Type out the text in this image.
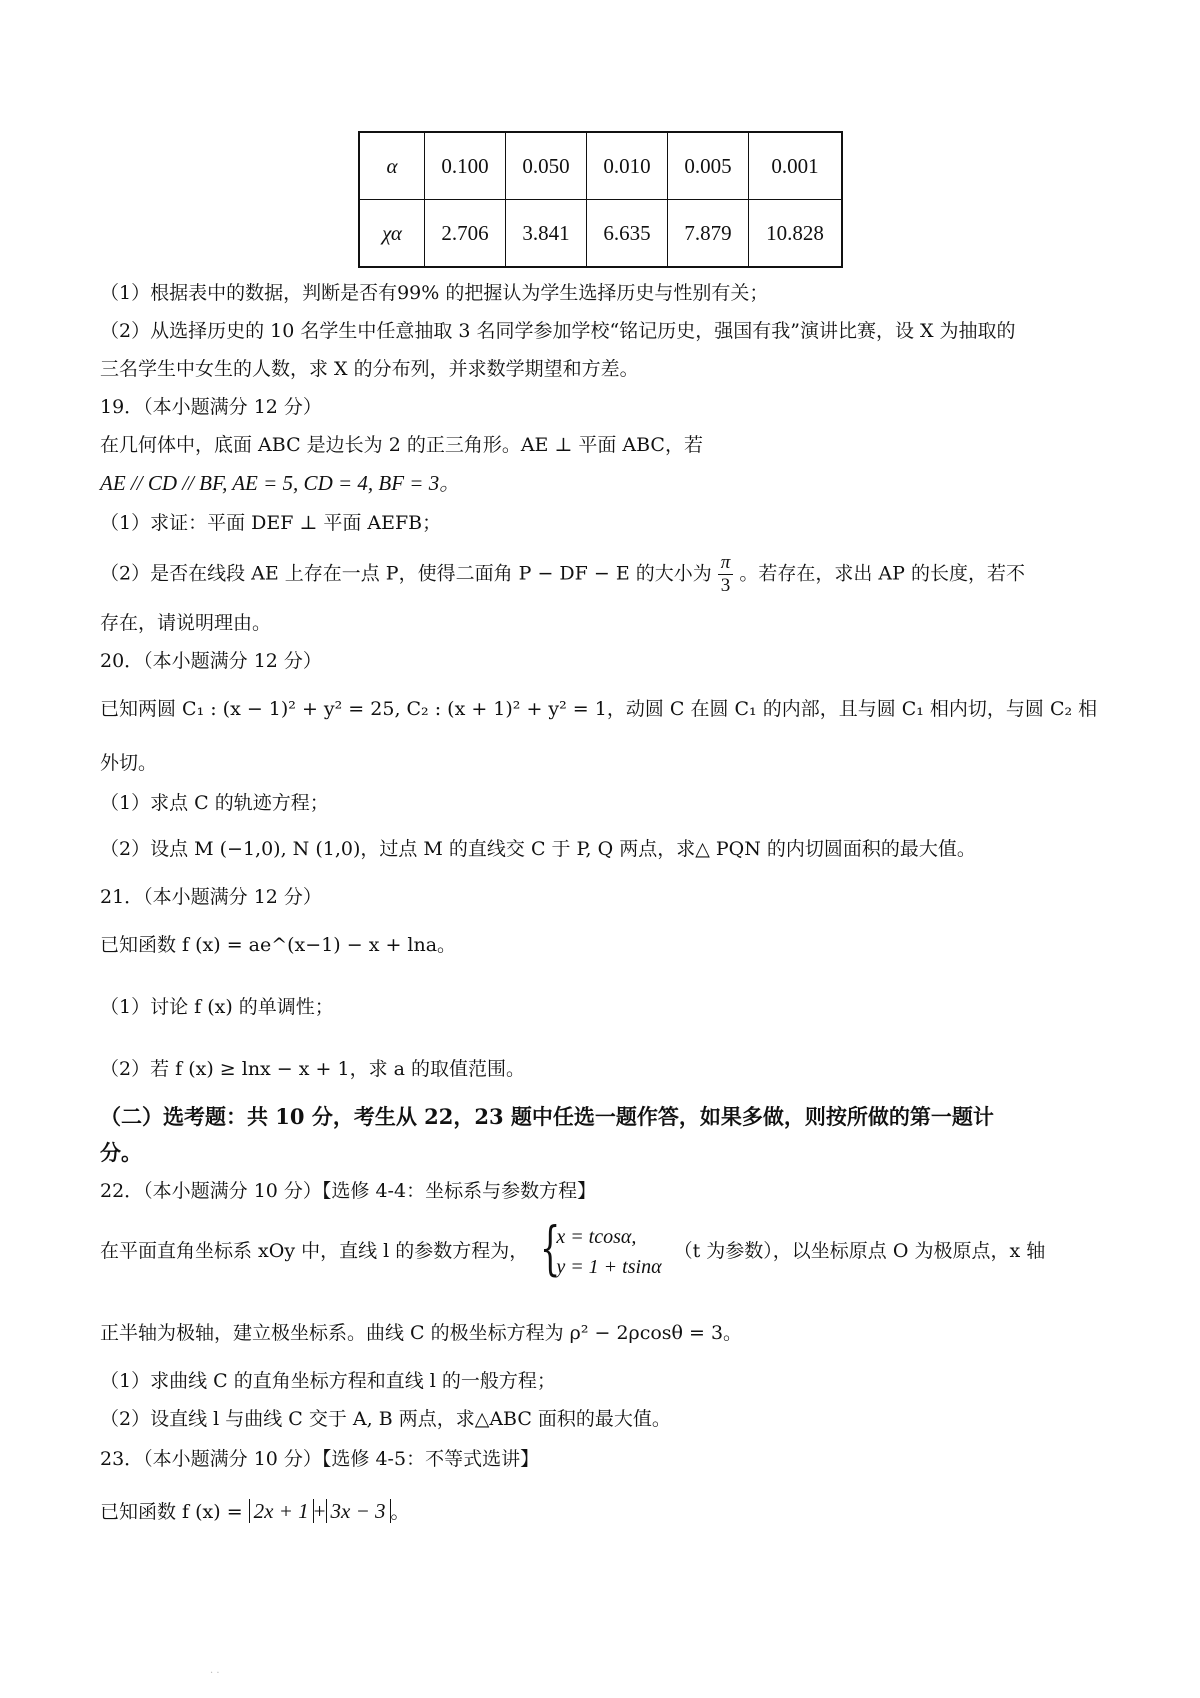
α	0.100	0.050	0.010	0.005	0.001
χα	2.706	3.841	6.635	7.879	10.828
（1）根据表中的数据，判断是否有99% 的把握认为学生选择历史与性别有关；
（2）从选择历史的 10 名学生中任意抽取 3 名同学参加学校“铭记历史，强国有我”演讲比赛，设 X 为抽取的
三名学生中女生的人数，求 X 的分布列，并求数学期望和方差。
19．（本小题满分 12 分）
在几何体中，底面 ABC 是边长为 2 的正三角形。AE ⊥ 平面 ABC，若
AE // CD // BF, AE = 5, CD = 4, BF = 3。
（1）求证：平面 DEF ⊥ 平面 AEFB；
（2）是否在线段 AE 上存在一点 P，使得二面角 P − DF − E 的大小为 $\frac{\pi}{3}$ 。若存在，求出 AP 的长度，若不
存在，请说明理由。
20．（本小题满分 12 分）
已知两圆 C₁ : (x − 1)² + y² = 25, C₂ : (x + 1)² + y² = 1，动圆 C 在圆 C₁ 的内部，且与圆 C₁ 相内切，与圆 C₂ 相
外切。
（1）求点 C 的轨迹方程；
（2）设点 M (−1,0), N (1,0)，过点 M 的直线交 C 于 P, Q 两点，求△ PQN 的内切圆面积的最大值。
21．（本小题满分 12 分）
已知函数 f (x) = ae^(x−1) − x + lna。
（1）讨论 f (x) 的单调性；
（2）若 f (x) ≥ lnx − x + 1，求 a 的取值范围。
（二）选考题：共 10 分，考生从 22，23 题中任选一题作答，如果多做，则按所做的第一题计
分。
22．（本小题满分 10 分）【选修 4-4：坐标系与参数方程】
在平面直角坐标系 xOy 中，直线 l 的参数方程为， {
x = tcosα,
y = 1 + tsinα
（t 为参数），以坐标原点 O 为极原点，x 轴
正半轴为极轴，建立极坐标系。曲线 C 的极坐标方程为 ρ² − 2ρcosθ = 3。
（1）求曲线 C 的直角坐标方程和直线 l 的一般方程；
（2）设直线 l 与曲线 C 交于 A, B 两点，求△ABC 面积的最大值。
23．（本小题满分 10 分）【选修 4-5：不等式选讲】
已知函数 f (x) = 2x + 1 + 3x − 3 。
· ·
